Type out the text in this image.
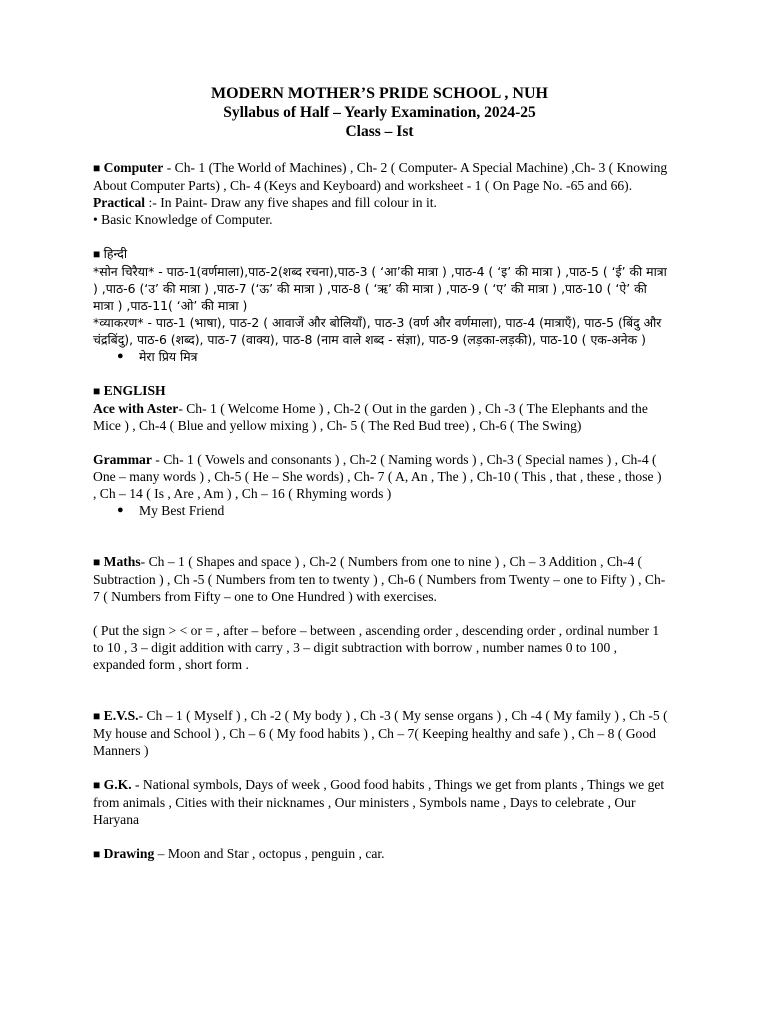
MODERN MOTHER’S PRIDE SCHOOL , NUH
Syllabus of Half – Yearly Examination, 2024-25
Class – Ist

■ Computer - Ch- 1 (The World of Machines) , Ch- 2 ( Computer- A Special Machine) ,Ch- 3 ( Knowing About Computer Parts) , Ch- 4 (Keys and Keyboard) and worksheet - 1 ( On Page No. -65 and 66).

Practical :- In Paint- Draw any five shapes and fill colour in it.

• Basic Knowledge of Computer.

■ हिन्दी

*सोन चिरैया* - पाठ-1(वर्णमाला),पाठ-2(शब्द रचना),पाठ-3 ( ‘आ’की मात्रा ) ,पाठ-4 ( ‘इ’ की मात्रा ) ,पाठ-5 ( ‘ई’ की मात्रा ) ,पाठ-6 (‘उ’ की मात्रा ) ,पाठ-7 (‘ऊ’ की मात्रा ) ,पाठ-8 ( ‘ऋ’ की मात्रा ) ,पाठ-9 ( ‘ए’ की मात्रा ) ,पाठ-10 ( ‘ऐ’ की मात्रा ) ,पाठ-11( ‘ओ’ की मात्रा )

*व्याकरण* - पाठ-1 (भाषा), पाठ-2 ( आवाजें और बोलियाँ), पाठ-3 (वर्ण और वर्णमाला), पाठ-4 (मात्राएँ), पाठ-5 (बिंदु और चंद्रबिंदु), पाठ-6 (शब्द), पाठ-7 (वाक्य), पाठ-8 (नाम वाले शब्द - संज्ञा), पाठ-9 (लड़का-लड़की), पाठ-10 ( एक-अनेक )

●	मेरा प्रिय मित्र

■ ENGLISH

Ace with Aster- Ch- 1 ( Welcome Home ) , Ch-2 ( Out in the garden ) , Ch -3 ( The Elephants and the Mice ) , Ch-4 ( Blue and yellow mixing ) , Ch- 5 ( The Red Bud tree) , Ch-6 ( The Swing)

Grammar - Ch- 1 ( Vowels and consonants ) , Ch-2 ( Naming words ) , Ch-3 ( Special names ) , Ch-4 ( One – many words ) , Ch-5 ( He – She words) , Ch- 7 ( A, An , The ) , Ch-10 ( This , that , these , those ) , Ch – 14 ( Is , Are , Am ) , Ch – 16 ( Rhyming words )

●	My Best Friend

■ Maths- Ch – 1 ( Shapes and space ) , Ch-2 ( Numbers from one to nine ) , Ch – 3 Addition , Ch-4 ( Subtraction ) , Ch -5 ( Numbers from ten to twenty ) , Ch-6 ( Numbers from Twenty – one to Fifty ) , Ch-7 ( Numbers from Fifty – one to One Hundred ) with exercises.

( Put the sign > < or = , after – before – between , ascending order , descending order , ordinal number 1 to 10 , 3 – digit addition with carry , 3 – digit subtraction with borrow , number names 0 to 100 , expanded form , short form .

■ E.V.S.- Ch – 1 ( Myself ) , Ch -2 ( My body ) , Ch -3 ( My sense organs ) , Ch -4 ( My family ) , Ch -5 ( My house and School ) , Ch – 6 ( My food habits ) , Ch – 7( Keeping healthy and safe ) , Ch – 8 ( Good Manners )

■ G.K. - National symbols, Days of week , Good food habits , Things we get from plants , Things we get from animals , Cities with their nicknames , Our ministers , Symbols name , Days to celebrate , Our Haryana

■ Drawing – Moon and Star , octopus , penguin , car.
